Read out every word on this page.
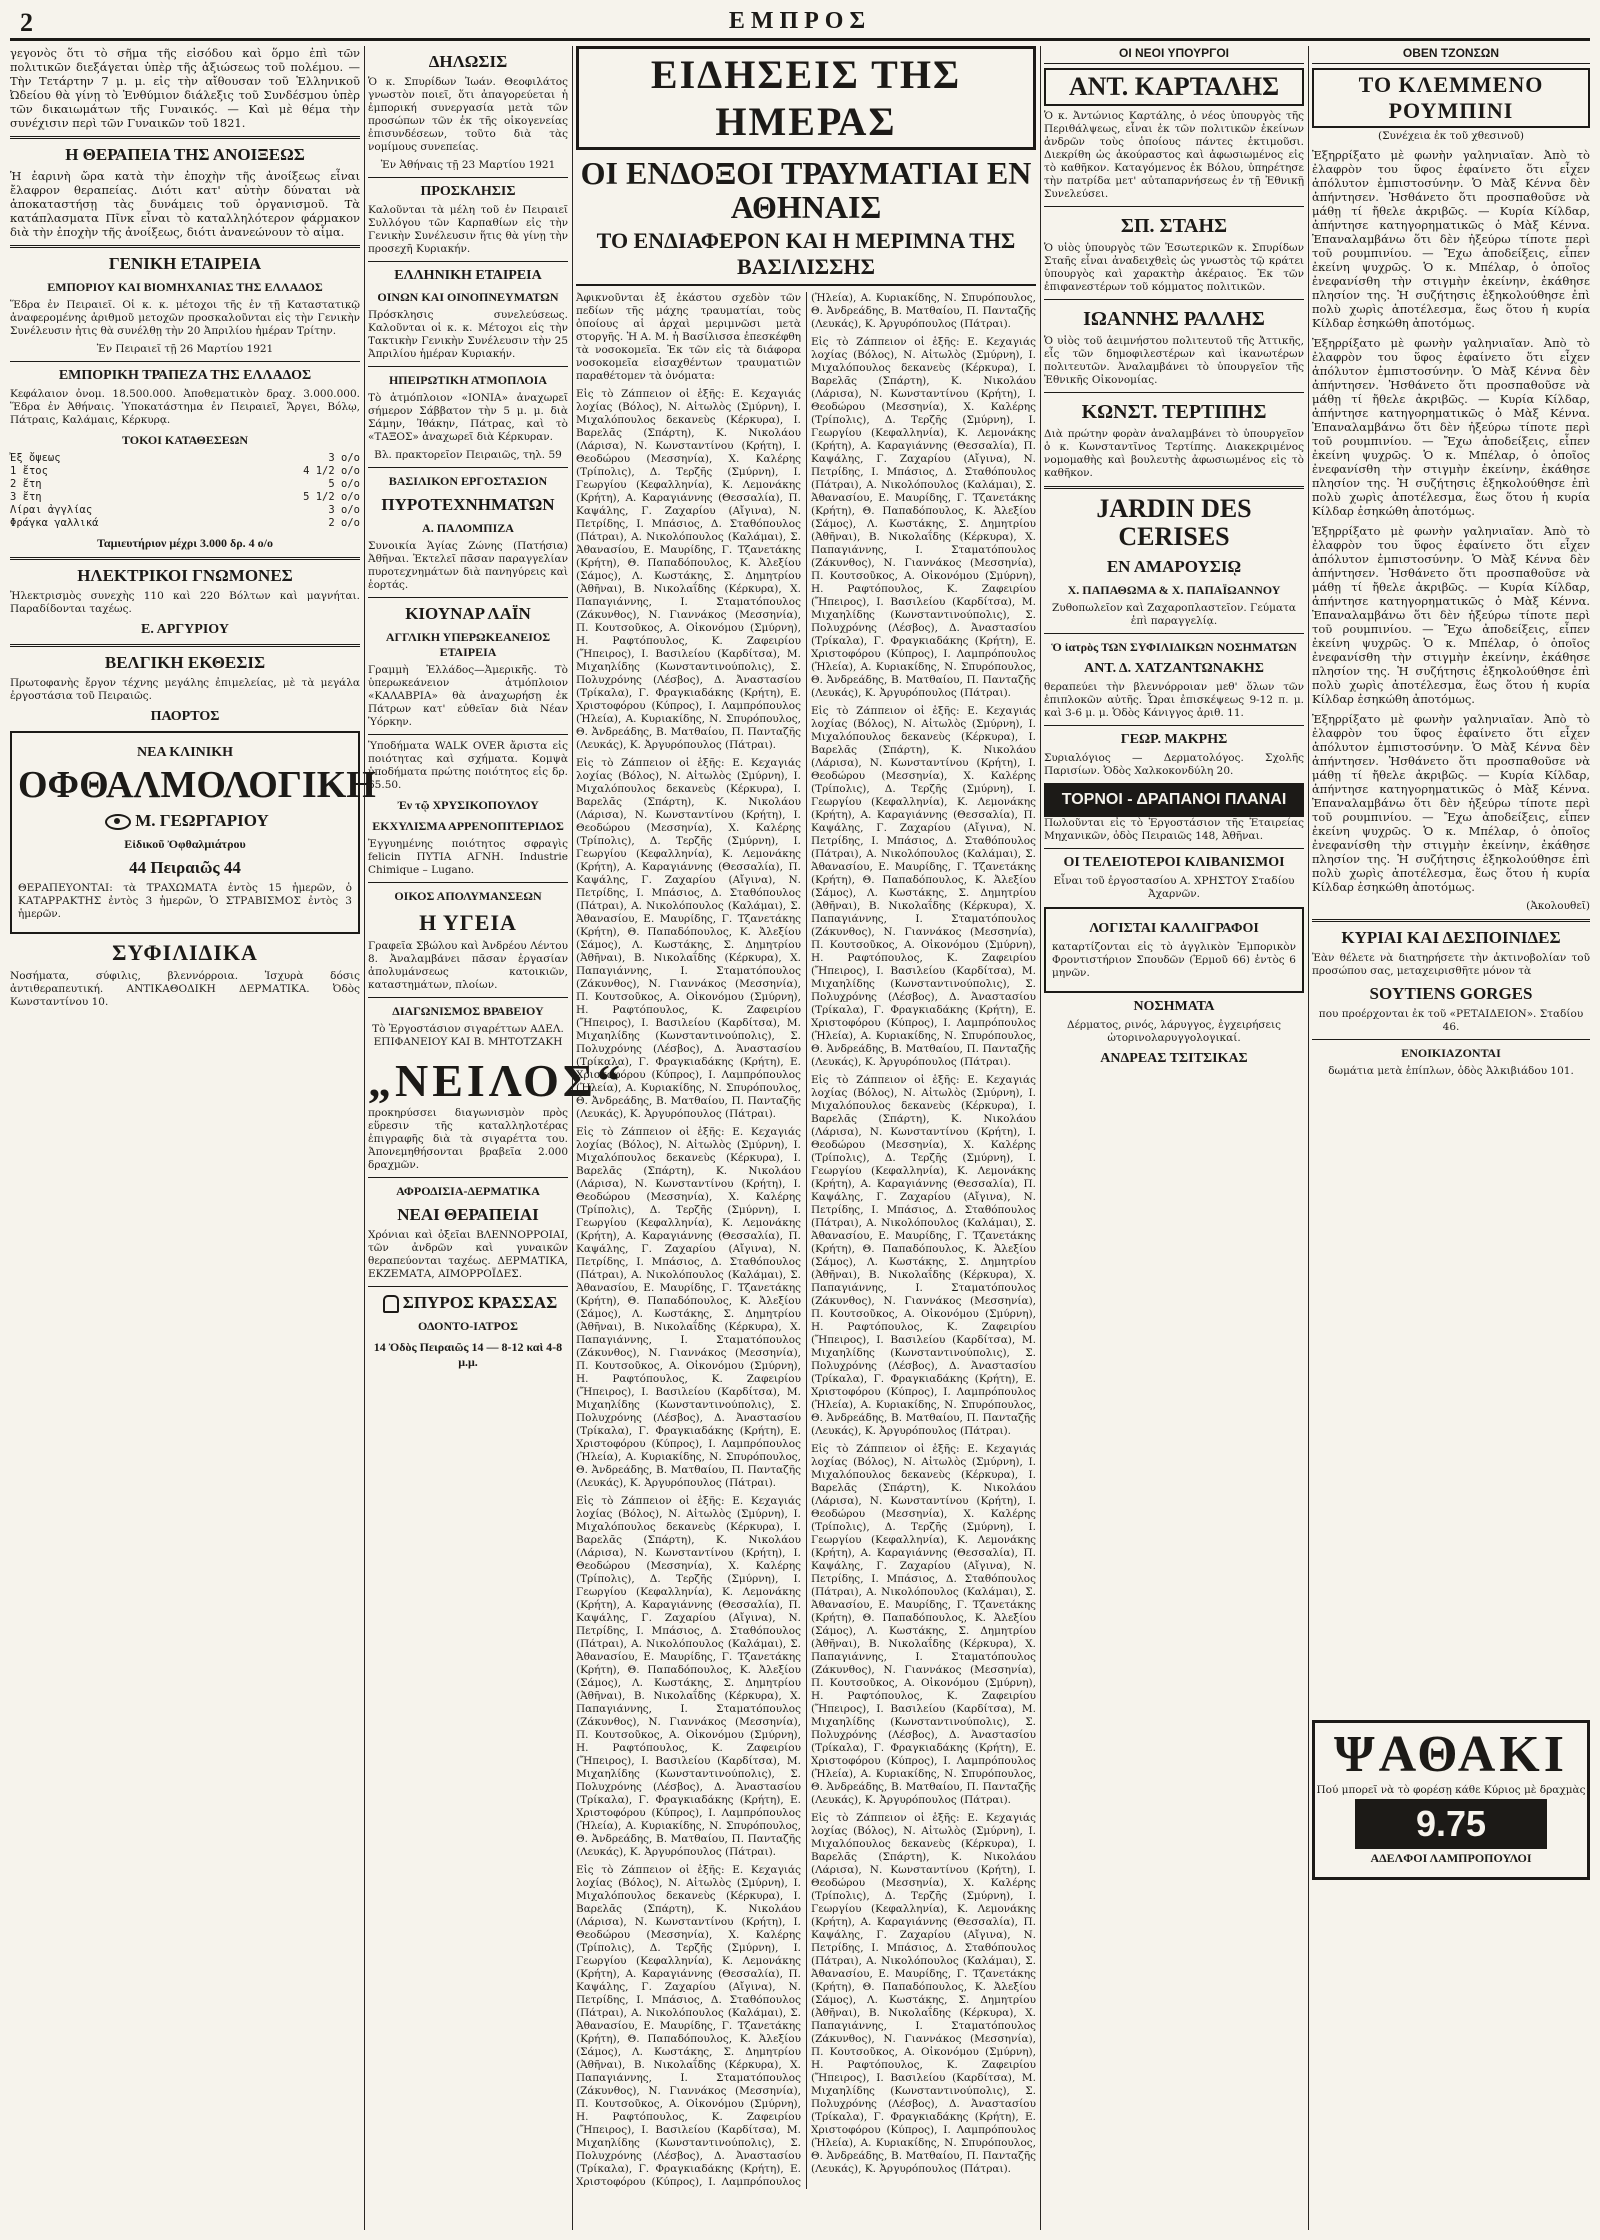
2	ΕΜΠΡΟΣ

γεγονὸς ὅτι τὸ σῆμα τῆς εἰσόδου καὶ ὅρμο ἐπὶ τῶν πολιτικῶν διεξάγεται ὑπὲρ τῆς ἀξιώσεως τοῦ πολέμου. — Τὴν Τετάρτην 7 μ. μ. εἰς τὴν αἴθουσαν τοῦ Ἑλληνικοῦ Ὠδείου θὰ γίνῃ τὸ Ἑνθύμιον διάλεξις τοῦ Συνδέσμου ὑπὲρ τῶν δικαιωμάτων τῆς Γυναικός. — Καὶ μὲ θέμα τὴν συνέχισιν περὶ τῶν Γυναικῶν τοῦ 1821.

Η ΘΕΡΑΠΕΙΑ ΤΗΣ ΑΝΟΙΞΕΩΣ

Ἡ ἐαρινὴ ὥρα κατὰ τὴν ἐποχὴν τῆς ἀνοίξεως εἶναι ἔλαφρον θεραπείας. Διότι κατ' αὐτὴν δύναται νὰ ἀποκαταστήσῃ τὰς δυνάμεις τοῦ ὀργανισμοῦ. Τὰ κατάπλασματα Πῖνκ εἶναι τὸ καταλληλότερον φάρμακον διὰ τὴν ἐποχὴν τῆς ἀνοίξεως, διότι ἀνανεώνουν τὸ αἷμα.

ΓΕΝΙΚΗ ΕΤΑΙΡΕΙΑ
ΕΜΠΟΡΙΟΥ ΚΑΙ ΒΙΟΜΗΧΑΝΙΑΣ ΤΗΣ ΕΛΛΑΔΟΣ

Ἕδρα ἐν Πειραιεῖ. Οἱ κ. κ. μέτοχοι τῆς ἐν τῇ Καταστατικῷ ἀναφερομένης ἀριθμοῦ μετοχῶν προσκαλοῦνται εἰς τὴν Γενικὴν Συνέλευσιν ἡτις θὰ συνέλθῃ τὴν 20 Ἀπριλίου ἡμέραν Τρίτην.

Ἐν Πειραιεῖ τῇ 26 Μαρτίου 1921

ΕΜΠΟΡΙΚΗ ΤΡΑΠΕΖΑ ΤΗΣ ΕΛΛΑΔΟΣ

Κεφάλαιον ὀνομ. 18.500.000. Ἀποθεματικὸν δραχ. 3.000.000. Ἕδρα ἐν Ἀθήναις. Ὑποκατάστημα ἐν Πειραιεῖ, Ἄργει, Βόλῳ, Πάτραις, Καλάμαις, Κέρκυρᾳ.

ΤΟΚΟΙ ΚΑΤΑΘΕΣΕΩΝ
Ἐξ ὄψεως	3 ο/ο
1 ἔτος	4 1/2 ο/ο
2 ἔτη	5 ο/ο
3 ἔτη	5 1/2 ο/ο
Λίραι ἀγγλίας	3 ο/ο
Φράγκα γαλλικά	2 ο/ο
Ταμιευτήριον μέχρι 3.000 δρ. 4 ο/ο
ΗΛΕΚΤΡΙΚΟΙ ΓΝΩΜΟΝΕΣ

Ἠλεκτρισμὸς συνεχὴς 110 καὶ 220 Βόλτων καὶ μαγνήται. Παραδίδονται ταχέως.

Ε. ΑΡΓΥΡΙΟΥ
ΒΕΛΓΙΚΗ ΕΚΘΕΣΙΣ

Πρωτοφανὴς ἔργον τέχνης μεγάλης ἐπιμελείας, μὲ τὰ μεγάλα ἐργοστάσια τοῦ Πειραιῶς.

ΠΑΟΡΤΟΣ
ΝΕΑ ΚΛΙΝΙΚΗ
ΟΦΘΑΛΜΟΛΟΓΙΚΗ
Μ. ΓΕΩΡΓΑΡΙΟΥ
Εἰδικοῦ Ὀφθαλμιάτρου
44 Πειραιῶς 44

ΘΕΡΑΠΕΥΟΝΤΑΙ: τὰ ΤΡΑΧΩΜΑΤΑ ἐντὸς 15 ἡμερῶν, ὁ ΚΑΤΑΡΡΑΚΤΗΣ ἐντὸς 3 ἡμερῶν, Ὁ ΣΤΡΑΒΙΣΜΟΣ ἐντὸς 3 ἡμερῶν.

ΣΥΦΙΛΙΔΙΚΑ

Νοσήματα, σύφιλις, βλεννόρροια. Ἰσχυρὰ δόσις ἀντιθεραπευτική. ΑΝΤΙΚΑΘΟΔΙΚΗ ΔΕΡΜΑΤΙΚΑ. Ὀδὸς Κωνσταντίνου 10.

ΔΗΛΩΣΙΣ

Ὁ κ. Σπυρίδων Ἰωάν. Θεοφιλάτος γνωστὸν ποιεῖ, ὅτι ἀπαγορεύεται ἡ ἐμπορική συνεργασία μετὰ τῶν προσώπων τῶν ἐκ τῆς οἰκογενείας ἐπισυνδέσεων, τοῦτο διὰ τὰς νομίμους συνεπείας.

Ἐν Ἀθήναις τῇ 23 Μαρτίου 1921

ΠΡΟΣΚΛΗΣΙΣ

Καλοῦνται τὰ μέλη τοῦ ἐν Πειραιεῖ Συλλόγου τῶν Καρπαθίων εἰς τὴν Γενικὴν Συνέλευσιν ἥτις θὰ γίνῃ τὴν προσεχῆ Κυριακήν.

ΕΛΛΗΝΙΚΗ ΕΤΑΙΡΕΙΑ
ΟΙΝΩΝ ΚΑΙ ΟΙΝΟΠΝΕΥΜΑΤΩΝ

Πρόσκλησις συνελεύσεως. Καλοῦνται οἱ κ. κ. Μέτοχοι εἰς τὴν Τακτικὴν Γενικὴν Συνέλευσιν τὴν 25 Ἀπριλίου ἡμέραν Κυριακήν.

ΗΠΕΙΡΩΤΙΚΗ ΑΤΜΟΠΛΟΙΑ

Τὸ ἀτμόπλοιον «ΙΟΝΙΑ» ἀναχωρεῖ σήμερον Σάββατον τὴν 5 μ. μ. διὰ Σάμην, Ἰθάκην, Πάτρας, καὶ τὸ «ΤΑΞΟΣ» ἀναχωρεῖ διὰ Κέρκυραν.

Βλ. πρακτορεῖον Πειραιῶς, τηλ. 59

ΒΑΣΙΛΙΚΟΝ ΕΡΓΟΣΤΑΣΙΟΝ
ΠΥΡΟΤΕΧΝΗΜΑΤΩΝ
Α. ΠΑΛΟΜΠΙΖΑ

Συνοικία Ἁγίας Ζώνης (Πατήσια) Ἀθῆναι. Ἐκτελεῖ πᾶσαν παραγγελίαν πυροτεχνημάτων διὰ πανηγύρεις καὶ ἑορτάς.

ΚΙΟΥΝΑΡ ΛΑΪΝ
ΑΓΓΛΙΚΗ ΥΠΕΡΩΚΕΑΝΕΙΟΣ ΕΤΑΙΡΕΙΑ

Γραμμὴ Ἑλλάδος—Ἀμερικῆς. Τὸ ὑπερωκεάνειον ἀτμόπλοιον «ΚΑΛΑΒΡΙΑ» θὰ ἀναχωρήσῃ ἐκ Πάτρων κατ' εὐθεῖαν διὰ Νέαν Ὑόρκην.

Ὑποδήματα WALK OVER ἄριστα εἰς ποιότητας καὶ σχήματα. Κομψὰ ὑποδήματα πρώτης ποιότητος εἰς δρ. 65.50.

Ἐν τῷ ΧΡΥΣΙΚΟΠΟΥΛΟΥ
ΕΚΧΥΛΙΣΜΑ ΑΡΡΕΝΟΠΙΤΕΡΙΔΟΣ

Ἐγγυημένης ποιότητος σφραγὶς felicin ΠΥΤΙΑ ΑΓΝΗ. Industrie Chimique – Lugano.

ΟΙΚΟΣ ΑΠΟΛΥΜΑΝΣΕΩΝ
Η ΥΓΕΙΑ

Γραφεῖα Σβώλου καὶ Ἀνδρέου Λέντου 8. Ἀναλαμβάνει πᾶσαν ἐργασίαν ἀπολυμάνσεως κατοικιῶν, καταστημάτων, πλοίων.

ΔΙΑΓΩΝΙΣΜΟΣ ΒΡΑΒΕΙΟΥ

Τὸ Ἐργοστάσιον σιγαρέττων ΑΔΕΛ. ΕΠΙΦΑΝΕΙΟΥ ΚΑΙ Β. ΜΗΤΟΤΖΑΚΗ

„ΝΕΙΛΟΣ“

προκηρύσσει διαγωνισμὸν πρὸς εὕρεσιν τῆς καταλληλοτέρας ἐπιγραφῆς διὰ τὰ σιγαρέττα του. Ἀπονεμηθήσονται βραβεῖα 2.000 δραχμῶν.

ΑΦΡΟΔΙΣΙΑ-ΔΕΡΜΑΤΙΚΑ
ΝΕΑΙ ΘΕΡΑΠΕΙΑΙ

Χρόνιαι καὶ ὀξεῖαι ΒΛΕΝΝΟΡΡΟΙΑΙ, τῶν ἀνδρῶν καὶ γυναικῶν θεραπεύονται ταχέως. ΔΕΡΜΑΤΙΚΑ, ΕΚΖΕΜΑΤΑ, ΑΙΜΟΡΡΟΪΔΕΣ.

ΣΠΥΡΟΣ ΚΡΑΣΣΑΣ
ΟΔΟΝΤΟ-ΙΑΤΡΟΣ
14 Ὀδὸς Πειραιῶς 14 — 8-12 καὶ 4-8 μ.μ.
ΕΙΔΗΣΕΙΣ ΤΗΣ ΗΜΕΡΑΣ
ΟΙ ΕΝΔΟΞΟΙ ΤΡΑΥΜΑΤΙΑΙ ΕΝ ΑΘΗΝΑΙΣ
ΤΟ ΕΝΔΙΑΦΕΡΟΝ ΚΑΙ Η ΜΕΡΙΜΝΑ ΤΗΣ ΒΑΣΙΛΙΣΣΗΣ

Ἀφικνοῦνται ἐξ ἑκάστου σχεδὸν τῶν πεδίων τῆς μάχης τραυματίαι, τοὺς ὁποίους αἱ ἀρχαὶ μεριμνῶσι μετὰ στοργῆς. Ἡ Α. Μ. ἡ Βασίλισσα ἐπεσκέφθη τὰ νοσοκομεῖα. Ἐκ τῶν εἰς τὰ διάφορα νοσοκομεῖα εἰσαχθέντων τραυματιῶν παραθέτομεν τὰ ὀνόματα:

Εἰς τὸ Ζάππειον οἱ ἑξῆς: Ε. Κεχαγιάς λοχίας (Βόλος), Ν. Αἰτωλὸς (Σμύρνη), Ι. Μιχαλόπουλος δεκανεὺς (Κέρκυρα), Ι. Βαρελᾶς (Σπάρτη), Κ. Νικολάου (Λάρισα), Ν. Κωνσταντίνου (Κρήτη), Ι. Θεοδώρου (Μεσσηνία), Χ. Καλέρης (Τρίπολις), Δ. Τερζῆς (Σμύρνη), Ι. Γεωργίου (Κεφαλληνία), Κ. Λεμονάκης (Κρήτη), Α. Καραγιάννης (Θεσσαλία), Π. Καψάλης, Γ. Ζαχαρίου (Αἴγινα), Ν. Πετρίδης, Ι. Μπάσιος, Δ. Σταθόπουλος (Πάτραι), Α. Νικολόπουλος (Καλάμαι), Σ. Ἀθανασίου, Ε. Μαυρίδης, Γ. Τζανετάκης (Κρήτη), Θ. Παπαδόπουλος, Κ. Ἀλεξίου (Σάμος), Λ. Κωστάκης, Σ. Δημητρίου (Ἀθῆναι), Β. Νικολαΐδης (Κέρκυρα), Χ. Παπαγιάννης, Ι. Σταματόπουλος (Ζάκυνθος), Ν. Γιαννάκος (Μεσσηνία), Π. Κουτσοῦκος, Α. Οἰκονόμου (Σμύρνη), Η. Ραφτόπουλος, Κ. Ζαφειρίου (Ἤπειρος), Ι. Βασιλείου (Καρδίτσα), Μ. Μιχαηλίδης (Κωνσταντινούπολις), Σ. Πολυχρόνης (Λέσβος), Δ. Ἀναστασίου (Τρίκαλα), Γ. Φραγκιαδάκης (Κρήτη), Ε. Χριστοφόρου (Κύπρος), Ι. Λαμπρόπουλος (Ἠλεία), Α. Κυριακίδης, Ν. Σπυρόπουλος, Θ. Ἀνδρεάδης, Β. Ματθαίου, Π. Πανταζῆς (Λευκάς), Κ. Ἀργυρόπουλος (Πάτραι).

Εἰς τὸ Ζάππειον οἱ ἑξῆς: Ε. Κεχαγιάς λοχίας (Βόλος), Ν. Αἰτωλὸς (Σμύρνη), Ι. Μιχαλόπουλος δεκανεὺς (Κέρκυρα), Ι. Βαρελᾶς (Σπάρτη), Κ. Νικολάου (Λάρισα), Ν. Κωνσταντίνου (Κρήτη), Ι. Θεοδώρου (Μεσσηνία), Χ. Καλέρης (Τρίπολις), Δ. Τερζῆς (Σμύρνη), Ι. Γεωργίου (Κεφαλληνία), Κ. Λεμονάκης (Κρήτη), Α. Καραγιάννης (Θεσσαλία), Π. Καψάλης, Γ. Ζαχαρίου (Αἴγινα), Ν. Πετρίδης, Ι. Μπάσιος, Δ. Σταθόπουλος (Πάτραι), Α. Νικολόπουλος (Καλάμαι), Σ. Ἀθανασίου, Ε. Μαυρίδης, Γ. Τζανετάκης (Κρήτη), Θ. Παπαδόπουλος, Κ. Ἀλεξίου (Σάμος), Λ. Κωστάκης, Σ. Δημητρίου (Ἀθῆναι), Β. Νικολαΐδης (Κέρκυρα), Χ. Παπαγιάννης, Ι. Σταματόπουλος (Ζάκυνθος), Ν. Γιαννάκος (Μεσσηνία), Π. Κουτσοῦκος, Α. Οἰκονόμου (Σμύρνη), Η. Ραφτόπουλος, Κ. Ζαφειρίου (Ἤπειρος), Ι. Βασιλείου (Καρδίτσα), Μ. Μιχαηλίδης (Κωνσταντινούπολις), Σ. Πολυχρόνης (Λέσβος), Δ. Ἀναστασίου (Τρίκαλα), Γ. Φραγκιαδάκης (Κρήτη), Ε. Χριστοφόρου (Κύπρος), Ι. Λαμπρόπουλος (Ἠλεία), Α. Κυριακίδης, Ν. Σπυρόπουλος, Θ. Ἀνδρεάδης, Β. Ματθαίου, Π. Πανταζῆς (Λευκάς), Κ. Ἀργυρόπουλος (Πάτραι).

Εἰς τὸ Ζάππειον οἱ ἑξῆς: Ε. Κεχαγιάς λοχίας (Βόλος), Ν. Αἰτωλὸς (Σμύρνη), Ι. Μιχαλόπουλος δεκανεὺς (Κέρκυρα), Ι. Βαρελᾶς (Σπάρτη), Κ. Νικολάου (Λάρισα), Ν. Κωνσταντίνου (Κρήτη), Ι. Θεοδώρου (Μεσσηνία), Χ. Καλέρης (Τρίπολις), Δ. Τερζῆς (Σμύρνη), Ι. Γεωργίου (Κεφαλληνία), Κ. Λεμονάκης (Κρήτη), Α. Καραγιάννης (Θεσσαλία), Π. Καψάλης, Γ. Ζαχαρίου (Αἴγινα), Ν. Πετρίδης, Ι. Μπάσιος, Δ. Σταθόπουλος (Πάτραι), Α. Νικολόπουλος (Καλάμαι), Σ. Ἀθανασίου, Ε. Μαυρίδης, Γ. Τζανετάκης (Κρήτη), Θ. Παπαδόπουλος, Κ. Ἀλεξίου (Σάμος), Λ. Κωστάκης, Σ. Δημητρίου (Ἀθῆναι), Β. Νικολαΐδης (Κέρκυρα), Χ. Παπαγιάννης, Ι. Σταματόπουλος (Ζάκυνθος), Ν. Γιαννάκος (Μεσσηνία), Π. Κουτσοῦκος, Α. Οἰκονόμου (Σμύρνη), Η. Ραφτόπουλος, Κ. Ζαφειρίου (Ἤπειρος), Ι. Βασιλείου (Καρδίτσα), Μ. Μιχαηλίδης (Κωνσταντινούπολις), Σ. Πολυχρόνης (Λέσβος), Δ. Ἀναστασίου (Τρίκαλα), Γ. Φραγκιαδάκης (Κρήτη), Ε. Χριστοφόρου (Κύπρος), Ι. Λαμπρόπουλος (Ἠλεία), Α. Κυριακίδης, Ν. Σπυρόπουλος, Θ. Ἀνδρεάδης, Β. Ματθαίου, Π. Πανταζῆς (Λευκάς), Κ. Ἀργυρόπουλος (Πάτραι).

Εἰς τὸ Ζάππειον οἱ ἑξῆς: Ε. Κεχαγιάς λοχίας (Βόλος), Ν. Αἰτωλὸς (Σμύρνη), Ι. Μιχαλόπουλος δεκανεὺς (Κέρκυρα), Ι. Βαρελᾶς (Σπάρτη), Κ. Νικολάου (Λάρισα), Ν. Κωνσταντίνου (Κρήτη), Ι. Θεοδώρου (Μεσσηνία), Χ. Καλέρης (Τρίπολις), Δ. Τερζῆς (Σμύρνη), Ι. Γεωργίου (Κεφαλληνία), Κ. Λεμονάκης (Κρήτη), Α. Καραγιάννης (Θεσσαλία), Π. Καψάλης, Γ. Ζαχαρίου (Αἴγινα), Ν. Πετρίδης, Ι. Μπάσιος, Δ. Σταθόπουλος (Πάτραι), Α. Νικολόπουλος (Καλάμαι), Σ. Ἀθανασίου, Ε. Μαυρίδης, Γ. Τζανετάκης (Κρήτη), Θ. Παπαδόπουλος, Κ. Ἀλεξίου (Σάμος), Λ. Κωστάκης, Σ. Δημητρίου (Ἀθῆναι), Β. Νικολαΐδης (Κέρκυρα), Χ. Παπαγιάννης, Ι. Σταματόπουλος (Ζάκυνθος), Ν. Γιαννάκος (Μεσσηνία), Π. Κουτσοῦκος, Α. Οἰκονόμου (Σμύρνη), Η. Ραφτόπουλος, Κ. Ζαφειρίου (Ἤπειρος), Ι. Βασιλείου (Καρδίτσα), Μ. Μιχαηλίδης (Κωνσταντινούπολις), Σ. Πολυχρόνης (Λέσβος), Δ. Ἀναστασίου (Τρίκαλα), Γ. Φραγκιαδάκης (Κρήτη), Ε. Χριστοφόρου (Κύπρος), Ι. Λαμπρόπουλος (Ἠλεία), Α. Κυριακίδης, Ν. Σπυρόπουλος, Θ. Ἀνδρεάδης, Β. Ματθαίου, Π. Πανταζῆς (Λευκάς), Κ. Ἀργυρόπουλος (Πάτραι).

Εἰς τὸ Ζάππειον οἱ ἑξῆς: Ε. Κεχαγιάς λοχίας (Βόλος), Ν. Αἰτωλὸς (Σμύρνη), Ι. Μιχαλόπουλος δεκανεὺς (Κέρκυρα), Ι. Βαρελᾶς (Σπάρτη), Κ. Νικολάου (Λάρισα), Ν. Κωνσταντίνου (Κρήτη), Ι. Θεοδώρου (Μεσσηνία), Χ. Καλέρης (Τρίπολις), Δ. Τερζῆς (Σμύρνη), Ι. Γεωργίου (Κεφαλληνία), Κ. Λεμονάκης (Κρήτη), Α. Καραγιάννης (Θεσσαλία), Π. Καψάλης, Γ. Ζαχαρίου (Αἴγινα), Ν. Πετρίδης, Ι. Μπάσιος, Δ. Σταθόπουλος (Πάτραι), Α. Νικολόπουλος (Καλάμαι), Σ. Ἀθανασίου, Ε. Μαυρίδης, Γ. Τζανετάκης (Κρήτη), Θ. Παπαδόπουλος, Κ. Ἀλεξίου (Σάμος), Λ. Κωστάκης, Σ. Δημητρίου (Ἀθῆναι), Β. Νικολαΐδης (Κέρκυρα), Χ. Παπαγιάννης, Ι. Σταματόπουλος (Ζάκυνθος), Ν. Γιαννάκος (Μεσσηνία), Π. Κουτσοῦκος, Α. Οἰκονόμου (Σμύρνη), Η. Ραφτόπουλος, Κ. Ζαφειρίου (Ἤπειρος), Ι. Βασιλείου (Καρδίτσα), Μ. Μιχαηλίδης (Κωνσταντινούπολις), Σ. Πολυχρόνης (Λέσβος), Δ. Ἀναστασίου (Τρίκαλα), Γ. Φραγκιαδάκης (Κρήτη), Ε. Χριστοφόρου (Κύπρος), Ι. Λαμπρόπουλος (Ἠλεία), Α. Κυριακίδης, Ν. Σπυρόπουλος, Θ. Ἀνδρεάδης, Β. Ματθαίου, Π. Πανταζῆς (Λευκάς), Κ. Ἀργυρόπουλος (Πάτραι).

Εἰς τὸ Ζάππειον οἱ ἑξῆς: Ε. Κεχαγιάς λοχίας (Βόλος), Ν. Αἰτωλὸς (Σμύρνη), Ι. Μιχαλόπουλος δεκανεὺς (Κέρκυρα), Ι. Βαρελᾶς (Σπάρτη), Κ. Νικολάου (Λάρισα), Ν. Κωνσταντίνου (Κρήτη), Ι. Θεοδώρου (Μεσσηνία), Χ. Καλέρης (Τρίπολις), Δ. Τερζῆς (Σμύρνη), Ι. Γεωργίου (Κεφαλληνία), Κ. Λεμονάκης (Κρήτη), Α. Καραγιάννης (Θεσσαλία), Π. Καψάλης, Γ. Ζαχαρίου (Αἴγινα), Ν. Πετρίδης, Ι. Μπάσιος, Δ. Σταθόπουλος (Πάτραι), Α. Νικολόπουλος (Καλάμαι), Σ. Ἀθανασίου, Ε. Μαυρίδης, Γ. Τζανετάκης (Κρήτη), Θ. Παπαδόπουλος, Κ. Ἀλεξίου (Σάμος), Λ. Κωστάκης, Σ. Δημητρίου (Ἀθῆναι), Β. Νικολαΐδης (Κέρκυρα), Χ. Παπαγιάννης, Ι. Σταματόπουλος (Ζάκυνθος), Ν. Γιαννάκος (Μεσσηνία), Π. Κουτσοῦκος, Α. Οἰκονόμου (Σμύρνη), Η. Ραφτόπουλος, Κ. Ζαφειρίου (Ἤπειρος), Ι. Βασιλείου (Καρδίτσα), Μ. Μιχαηλίδης (Κωνσταντινούπολις), Σ. Πολυχρόνης (Λέσβος), Δ. Ἀναστασίου (Τρίκαλα), Γ. Φραγκιαδάκης (Κρήτη), Ε. Χριστοφόρου (Κύπρος), Ι. Λαμπρόπουλος (Ἠλεία), Α. Κυριακίδης, Ν. Σπυρόπουλος, Θ. Ἀνδρεάδης, Β. Ματθαίου, Π. Πανταζῆς (Λευκάς), Κ. Ἀργυρόπουλος (Πάτραι).

Εἰς τὸ Ζάππειον οἱ ἑξῆς: Ε. Κεχαγιάς λοχίας (Βόλος), Ν. Αἰτωλὸς (Σμύρνη), Ι. Μιχαλόπουλος δεκανεὺς (Κέρκυρα), Ι. Βαρελᾶς (Σπάρτη), Κ. Νικολάου (Λάρισα), Ν. Κωνσταντίνου (Κρήτη), Ι. Θεοδώρου (Μεσσηνία), Χ. Καλέρης (Τρίπολις), Δ. Τερζῆς (Σμύρνη), Ι. Γεωργίου (Κεφαλληνία), Κ. Λεμονάκης (Κρήτη), Α. Καραγιάννης (Θεσσαλία), Π. Καψάλης, Γ. Ζαχαρίου (Αἴγινα), Ν. Πετρίδης, Ι. Μπάσιος, Δ. Σταθόπουλος (Πάτραι), Α. Νικολόπουλος (Καλάμαι), Σ. Ἀθανασίου, Ε. Μαυρίδης, Γ. Τζανετάκης (Κρήτη), Θ. Παπαδόπουλος, Κ. Ἀλεξίου (Σάμος), Λ. Κωστάκης, Σ. Δημητρίου (Ἀθῆναι), Β. Νικολαΐδης (Κέρκυρα), Χ. Παπαγιάννης, Ι. Σταματόπουλος (Ζάκυνθος), Ν. Γιαννάκος (Μεσσηνία), Π. Κουτσοῦκος, Α. Οἰκονόμου (Σμύρνη), Η. Ραφτόπουλος, Κ. Ζαφειρίου (Ἤπειρος), Ι. Βασιλείου (Καρδίτσα), Μ. Μιχαηλίδης (Κωνσταντινούπολις), Σ. Πολυχρόνης (Λέσβος), Δ. Ἀναστασίου (Τρίκαλα), Γ. Φραγκιαδάκης (Κρήτη), Ε. Χριστοφόρου (Κύπρος), Ι. Λαμπρόπουλος (Ἠλεία), Α. Κυριακίδης, Ν. Σπυρόπουλος, Θ. Ἀνδρεάδης, Β. Ματθαίου, Π. Πανταζῆς (Λευκάς), Κ. Ἀργυρόπουλος (Πάτραι).

Εἰς τὸ Ζάππειον οἱ ἑξῆς: Ε. Κεχαγιάς λοχίας (Βόλος), Ν. Αἰτωλὸς (Σμύρνη), Ι. Μιχαλόπουλος δεκανεὺς (Κέρκυρα), Ι. Βαρελᾶς (Σπάρτη), Κ. Νικολάου (Λάρισα), Ν. Κωνσταντίνου (Κρήτη), Ι. Θεοδώρου (Μεσσηνία), Χ. Καλέρης (Τρίπολις), Δ. Τερζῆς (Σμύρνη), Ι. Γεωργίου (Κεφαλληνία), Κ. Λεμονάκης (Κρήτη), Α. Καραγιάννης (Θεσσαλία), Π. Καψάλης, Γ. Ζαχαρίου (Αἴγινα), Ν. Πετρίδης, Ι. Μπάσιος, Δ. Σταθόπουλος (Πάτραι), Α. Νικολόπουλος (Καλάμαι), Σ. Ἀθανασίου, Ε. Μαυρίδης, Γ. Τζανετάκης (Κρήτη), Θ. Παπαδόπουλος, Κ. Ἀλεξίου (Σάμος), Λ. Κωστάκης, Σ. Δημητρίου (Ἀθῆναι), Β. Νικολαΐδης (Κέρκυρα), Χ. Παπαγιάννης, Ι. Σταματόπουλος (Ζάκυνθος), Ν. Γιαννάκος (Μεσσηνία), Π. Κουτσοῦκος, Α. Οἰκονόμου (Σμύρνη), Η. Ραφτόπουλος, Κ. Ζαφειρίου (Ἤπειρος), Ι. Βασιλείου (Καρδίτσα), Μ. Μιχαηλίδης (Κωνσταντινούπολις), Σ. Πολυχρόνης (Λέσβος), Δ. Ἀναστασίου (Τρίκαλα), Γ. Φραγκιαδάκης (Κρήτη), Ε. Χριστοφόρου (Κύπρος), Ι. Λαμπρόπουλος (Ἠλεία), Α. Κυριακίδης, Ν. Σπυρόπουλος, Θ. Ἀνδρεάδης, Β. Ματθαίου, Π. Πανταζῆς (Λευκάς), Κ. Ἀργυρόπουλος (Πάτραι).

Εἰς τὸ Ζάππειον οἱ ἑξῆς: Ε. Κεχαγιάς λοχίας (Βόλος), Ν. Αἰτωλὸς (Σμύρνη), Ι. Μιχαλόπουλος δεκανεὺς (Κέρκυρα), Ι. Βαρελᾶς (Σπάρτη), Κ. Νικολάου (Λάρισα), Ν. Κωνσταντίνου (Κρήτη), Ι. Θεοδώρου (Μεσσηνία), Χ. Καλέρης (Τρίπολις), Δ. Τερζῆς (Σμύρνη), Ι. Γεωργίου (Κεφαλληνία), Κ. Λεμονάκης (Κρήτη), Α. Καραγιάννης (Θεσσαλία), Π. Καψάλης, Γ. Ζαχαρίου (Αἴγινα), Ν. Πετρίδης, Ι. Μπάσιος, Δ. Σταθόπουλος (Πάτραι), Α. Νικολόπουλος (Καλάμαι), Σ. Ἀθανασίου, Ε. Μαυρίδης, Γ. Τζανετάκης (Κρήτη), Θ. Παπαδόπουλος, Κ. Ἀλεξίου (Σάμος), Λ. Κωστάκης, Σ. Δημητρίου (Ἀθῆναι), Β. Νικολαΐδης (Κέρκυρα), Χ. Παπαγιάννης, Ι. Σταματόπουλος (Ζάκυνθος), Ν. Γιαννάκος (Μεσσηνία), Π. Κουτσοῦκος, Α. Οἰκονόμου (Σμύρνη), Η. Ραφτόπουλος, Κ. Ζαφειρίου (Ἤπειρος), Ι. Βασιλείου (Καρδίτσα), Μ. Μιχαηλίδης (Κωνσταντινούπολις), Σ. Πολυχρόνης (Λέσβος), Δ. Ἀναστασίου (Τρίκαλα), Γ. Φραγκιαδάκης (Κρήτη), Ε. Χριστοφόρου (Κύπρος), Ι. Λαμπρόπουλος (Ἠλεία), Α. Κυριακίδης, Ν. Σπυρόπουλος, Θ. Ἀνδρεάδης, Β. Ματθαίου, Π. Πανταζῆς (Λευκάς), Κ. Ἀργυρόπουλος (Πάτραι).

Εἰς τὸ Ζάππειον οἱ ἑξῆς: Ε. Κεχαγιάς λοχίας (Βόλος), Ν. Αἰτωλὸς (Σμύρνη), Ι. Μιχαλόπουλος δεκανεὺς (Κέρκυρα), Ι. Βαρελᾶς (Σπάρτη), Κ. Νικολάου (Λάρισα), Ν. Κωνσταντίνου (Κρήτη), Ι. Θεοδώρου (Μεσσηνία), Χ. Καλέρης (Τρίπολις), Δ. Τερζῆς (Σμύρνη), Ι. Γεωργίου (Κεφαλληνία), Κ. Λεμονάκης (Κρήτη), Α. Καραγιάννης (Θεσσαλία), Π. Καψάλης, Γ. Ζαχαρίου (Αἴγινα), Ν. Πετρίδης, Ι. Μπάσιος, Δ. Σταθόπουλος (Πάτραι), Α. Νικολόπουλος (Καλάμαι), Σ. Ἀθανασίου, Ε. Μαυρίδης, Γ. Τζανετάκης (Κρήτη), Θ. Παπαδόπουλος, Κ. Ἀλεξίου (Σάμος), Λ. Κωστάκης, Σ. Δημητρίου (Ἀθῆναι), Β. Νικολαΐδης (Κέρκυρα), Χ. Παπαγιάννης, Ι. Σταματόπουλος (Ζάκυνθος), Ν. Γιαννάκος (Μεσσηνία), Π. Κουτσοῦκος, Α. Οἰκονόμου (Σμύρνη), Η. Ραφτόπουλος, Κ. Ζαφειρίου (Ἤπειρος), Ι. Βασιλείου (Καρδίτσα), Μ. Μιχαηλίδης (Κωνσταντινούπολις), Σ. Πολυχρόνης (Λέσβος), Δ. Ἀναστασίου (Τρίκαλα), Γ. Φραγκιαδάκης (Κρήτη), Ε. Χριστοφόρου (Κύπρος), Ι. Λαμπρόπουλος (Ἠλεία), Α. Κυριακίδης, Ν. Σπυρόπουλος, Θ. Ἀνδρεάδης, Β. Ματθαίου, Π. Πανταζῆς (Λευκάς), Κ. Ἀργυρόπουλος (Πάτραι).

ΟΙ ΝΕΟΙ ΥΠΟΥΡΓΟΙ
ΑΝΤ. ΚΑΡΤΑΛΗΣ

Ὁ κ. Ἀντώνιος Καρτάλης, ὁ νέος ὑπουργὸς τῆς Περιθάλψεως, εἶναι ἐκ τῶν πολιτικῶν ἐκείνων ἀνδρῶν τοὺς ὁποίους πάντες ἐκτιμοῦσι. Διεκρίθη ὡς ἀκούραστος καὶ ἀφωσιωμένος εἰς τὸ καθῆκον. Καταγόμενος ἐκ Βόλου, ὑπηρέτησε τὴν πατρίδα μετ' αὐταπαρνήσεως ἐν τῇ Ἐθνικῇ Συνελεύσει.

ΣΠ. ΣΤΑΗΣ

Ὁ υἱὸς ὑπουργὸς τῶν Ἐσωτερικῶν κ. Σπυρίδων Σταῆς εἶναι ἀναδειχθεὶς ὡς γνωστὸς τῷ κράτει ὑπουργὸς καὶ χαρακτὴρ ἀκέραιος. Ἐκ τῶν ἐπιφανεστέρων τοῦ κόμματος πολιτικῶν.

ΙΩΑΝΝΗΣ ΡΑΛΛΗΣ

Ὁ υἱὸς τοῦ ἀειμνήστου πολιτευτοῦ τῆς Ἀττικῆς, εἶς τῶν δημοφιλεστέρων καὶ ἱκανωτέρων πολιτευτῶν. Ἀναλαμβάνει τὸ ὑπουργεῖον τῆς Ἐθνικῆς Οἰκονομίας.

ΚΩΝΣΤ. ΤΕΡΤΙΠΗΣ

Διὰ πρώτην φορὰν ἀναλαμβάνει τὸ ὑπουργεῖον ὁ κ. Κωνσταντῖνος Τερτίπης. Διακεκριμένος νομομαθὴς καὶ βουλευτὴς ἀφωσιωμένος εἰς τὸ καθῆκον.

JARDIN DES CERISES
ΕΝ ΑΜΑΡΟΥΣΙῼ
Χ. ΠΑΠΑΘΩΜΑ & Χ. ΠΑΠΑΪΩΑΝΝΟΥ

Ζυθοπωλεῖον καὶ Ζαχαροπλαστεῖον. Γεύματα ἐπὶ παραγγελίᾳ.

Ὁ ἰατρὸς ΤΩΝ ΣΥΦΙΛΙΔΙΚΩΝ ΝΟΣΗΜΑΤΩΝ
ΑΝΤ. Δ. ΧΑΤΖΑΝΤΩΝΑΚΗΣ

θεραπεύει τὴν βλεννόρροιαν μεθ' ὅλων τῶν ἐπιπλοκῶν αὐτῆς. Ὧραι ἐπισκέψεως 9-12 π. μ. καὶ 3-6 μ. μ. Ὁδὸς Κάνιγγος ἀριθ. 11.

ΓΕΩΡ. ΜΑΚΡΗΣ

Συριαλόγιος — Δερματολόγος. Σχολῆς Παρισίων. Ὁδὸς Χαλκοκονδύλη 20.

ΤΟΡΝΟΙ - ΔΡΑΠΑΝΟΙ ΠΛΑΝΑΙ

Πωλοῦνται εἰς τὸ Ἐργοστάσιον τῆς Ἐταιρείας Μηχανικῶν, ὁδὸς Πειραιῶς 148, Ἀθῆναι.

ΟΙ ΤΕΛΕΙΟΤΕΡΟΙ ΚΛΙΒΑΝΙΣΜΟΙ

Εἶναι τοῦ ἐργοστασίου Α. ΧΡΗΣΤΟΥ Σταδίου Ἀχαρνῶν.

ΛΟΓΙΣΤΑΙ ΚΑΛΛΙΓΡΑΦΟΙ

καταρτίζονται εἰς τὸ ἀγγλικὸν Ἐμπορικὸν Φροντιστήριον Σπουδῶν (Ἑρμοῦ 66) ἐντὸς 6 μηνῶν.

ΝΟΣΗΜΑΤΑ

Δέρματος, ρινός, λάρυγγος, ἐγχειρήσεις ὠτορινολαρυγγολογικαί.

ΑΝΔΡΕΑΣ ΤΣΙΤΣΙΚΑΣ
ΟΒΕΝ ΤΖΟΝΣΩΝ
ΤΟ ΚΛΕΜΜΕΝΟ ΡΟΥΜΠΙΝΙ

(Συνέχεια ἐκ τοῦ χθεσινοῦ)

Ἐξηρρίξατο μὲ φωνὴν γαληνιαῖαν. Ἀπὸ τὸ ἐλαφρὸν του ὕφος ἐφαίνετο ὅτι εἶχεν ἀπόλυτον ἐμπιστοσύνην. Ὁ Μὰξ Κέννα δὲν ἀπήντησεν. Ἠσθάνετο ὅτι προσπαθοῦσε νὰ μάθῃ τί ἤθελε ἀκριβῶς. — Κυρία Κίλδαρ, ἀπήντησε κατηγορηματικῶς ὁ Μὰξ Κέννα. Ἐπαναλαμβάνω ὅτι δὲν ἠξεύρω τίποτε περὶ τοῦ ρουμπινίου. — Ἔχω ἀποδείξεις, εἶπεν ἐκείνη ψυχρῶς. Ὁ κ. Μπέλαρ, ὁ ὁποῖος ἐνεφανίσθη τὴν στιγμὴν ἐκείνην, ἐκάθησε πλησίον της. Ἡ συζήτησις ἐξηκολούθησε ἐπὶ πολὺ χωρὶς ἀποτέλεσμα, ἕως ὅτου ἡ κυρία Κίλδαρ ἐσηκώθη ἀποτόμως.

Ἐξηρρίξατο μὲ φωνὴν γαληνιαῖαν. Ἀπὸ τὸ ἐλαφρὸν του ὕφος ἐφαίνετο ὅτι εἶχεν ἀπόλυτον ἐμπιστοσύνην. Ὁ Μὰξ Κέννα δὲν ἀπήντησεν. Ἠσθάνετο ὅτι προσπαθοῦσε νὰ μάθῃ τί ἤθελε ἀκριβῶς. — Κυρία Κίλδαρ, ἀπήντησε κατηγορηματικῶς ὁ Μὰξ Κέννα. Ἐπαναλαμβάνω ὅτι δὲν ἠξεύρω τίποτε περὶ τοῦ ρουμπινίου. — Ἔχω ἀποδείξεις, εἶπεν ἐκείνη ψυχρῶς. Ὁ κ. Μπέλαρ, ὁ ὁποῖος ἐνεφανίσθη τὴν στιγμὴν ἐκείνην, ἐκάθησε πλησίον της. Ἡ συζήτησις ἐξηκολούθησε ἐπὶ πολὺ χωρὶς ἀποτέλεσμα, ἕως ὅτου ἡ κυρία Κίλδαρ ἐσηκώθη ἀποτόμως.

Ἐξηρρίξατο μὲ φωνὴν γαληνιαῖαν. Ἀπὸ τὸ ἐλαφρὸν του ὕφος ἐφαίνετο ὅτι εἶχεν ἀπόλυτον ἐμπιστοσύνην. Ὁ Μὰξ Κέννα δὲν ἀπήντησεν. Ἠσθάνετο ὅτι προσπαθοῦσε νὰ μάθῃ τί ἤθελε ἀκριβῶς. — Κυρία Κίλδαρ, ἀπήντησε κατηγορηματικῶς ὁ Μὰξ Κέννα. Ἐπαναλαμβάνω ὅτι δὲν ἠξεύρω τίποτε περὶ τοῦ ρουμπινίου. — Ἔχω ἀποδείξεις, εἶπεν ἐκείνη ψυχρῶς. Ὁ κ. Μπέλαρ, ὁ ὁποῖος ἐνεφανίσθη τὴν στιγμὴν ἐκείνην, ἐκάθησε πλησίον της. Ἡ συζήτησις ἐξηκολούθησε ἐπὶ πολὺ χωρὶς ἀποτέλεσμα, ἕως ὅτου ἡ κυρία Κίλδαρ ἐσηκώθη ἀποτόμως.

Ἐξηρρίξατο μὲ φωνὴν γαληνιαῖαν. Ἀπὸ τὸ ἐλαφρὸν του ὕφος ἐφαίνετο ὅτι εἶχεν ἀπόλυτον ἐμπιστοσύνην. Ὁ Μὰξ Κέννα δὲν ἀπήντησεν. Ἠσθάνετο ὅτι προσπαθοῦσε νὰ μάθῃ τί ἤθελε ἀκριβῶς. — Κυρία Κίλδαρ, ἀπήντησε κατηγορηματικῶς ὁ Μὰξ Κέννα. Ἐπαναλαμβάνω ὅτι δὲν ἠξεύρω τίποτε περὶ τοῦ ρουμπινίου. — Ἔχω ἀποδείξεις, εἶπεν ἐκείνη ψυχρῶς. Ὁ κ. Μπέλαρ, ὁ ὁποῖος ἐνεφανίσθη τὴν στιγμὴν ἐκείνην, ἐκάθησε πλησίον της. Ἡ συζήτησις ἐξηκολούθησε ἐπὶ πολὺ χωρὶς ἀποτέλεσμα, ἕως ὅτου ἡ κυρία Κίλδαρ ἐσηκώθη ἀποτόμως.

(Ἀκολουθεῖ)

ΚΥΡΙΑΙ ΚΑΙ ΔΕΣΠΟΙΝΙΔΕΣ

Ἐὰν θέλετε νὰ διατηρήσετε τὴν ἀκτινοβολίαν τοῦ προσώπου σας, μεταχειρισθῆτε μόνον τὰ

SOYTIENS GORGES

που προέρχονται ἐκ τοῦ «ΡΕΤΑΙΔΕΙΟΝ». Σταδίου 46.

ΕΝΟΙΚΙΑΖΟΝΤΑΙ

δωμάτια μετὰ ἐπίπλων, ὁδὸς Ἀλκιβιάδου 101.

ΨΑΘΑΚΙ

Πού μπορεῖ νὰ τὸ φορέσῃ κάθε Κύριος μὲ δραχμὰς

9.75
ΑΔΕΛΦΟΙ ΛΑΜΠΡΟΠΟΥΛΟΙ
